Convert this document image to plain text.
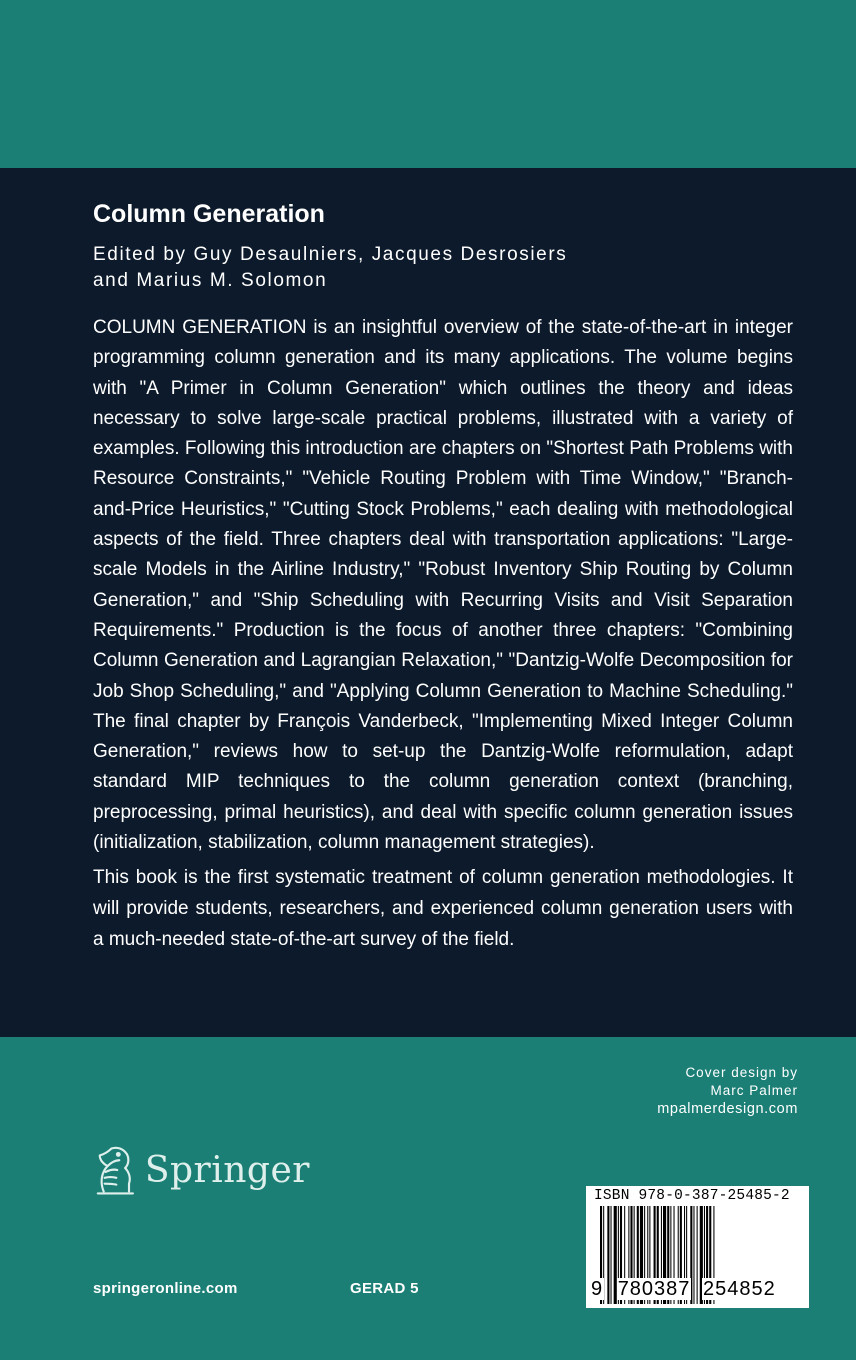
Column Generation
Edited by Guy Desaulniers, Jacques Desrosiers
and Marius M. Solomon
COLUMN GENERATION is an insightful overview of the state-of-the-art in integer programming column generation and its many applications. The volume begins with "A Primer in Column Generation" which outlines the theory and ideas necessary to solve large-scale practical problems, illustrated with a variety of examples. Following this introduction are chapters on "Shortest Path Problems with Resource Constraints," "Vehicle Routing Problem with Time Window," "Branch-and-Price Heuristics," "Cutting Stock Problems," each dealing with methodological aspects of the field. Three chapters deal with transportation applications: "Large-scale Models in the Airline Industry," "Robust Inventory Ship Routing by Column Generation," and "Ship Scheduling with Recurring Visits and Visit Separation Requirements." Production is the focus of another three chapters: "Combining Column Generation and Lagrangian Relaxation," "Dantzig-Wolfe Decomposition for Job Shop Scheduling," and "Applying Column Generation to Machine Scheduling." The final chapter by François Vanderbeck, "Implementing Mixed Integer Column Generation," reviews how to set-up the Dantzig-Wolfe reformulation, adapt standard MIP techniques to the column generation context (branching, preprocessing, primal heuristics), and deal with specific column generation issues (initialization, stabilization, column management strategies).
This book is the first systematic treatment of column generation methodologies. It will provide students, researchers, and experienced column generation users with a much-needed state-of-the-art survey of the field.
Cover design by
Marc Palmer
mpalmerdesign.com
Springer
springeronline.com	GERAD 5
ISBN 978-0-387-25485-2
9 780387 254852
